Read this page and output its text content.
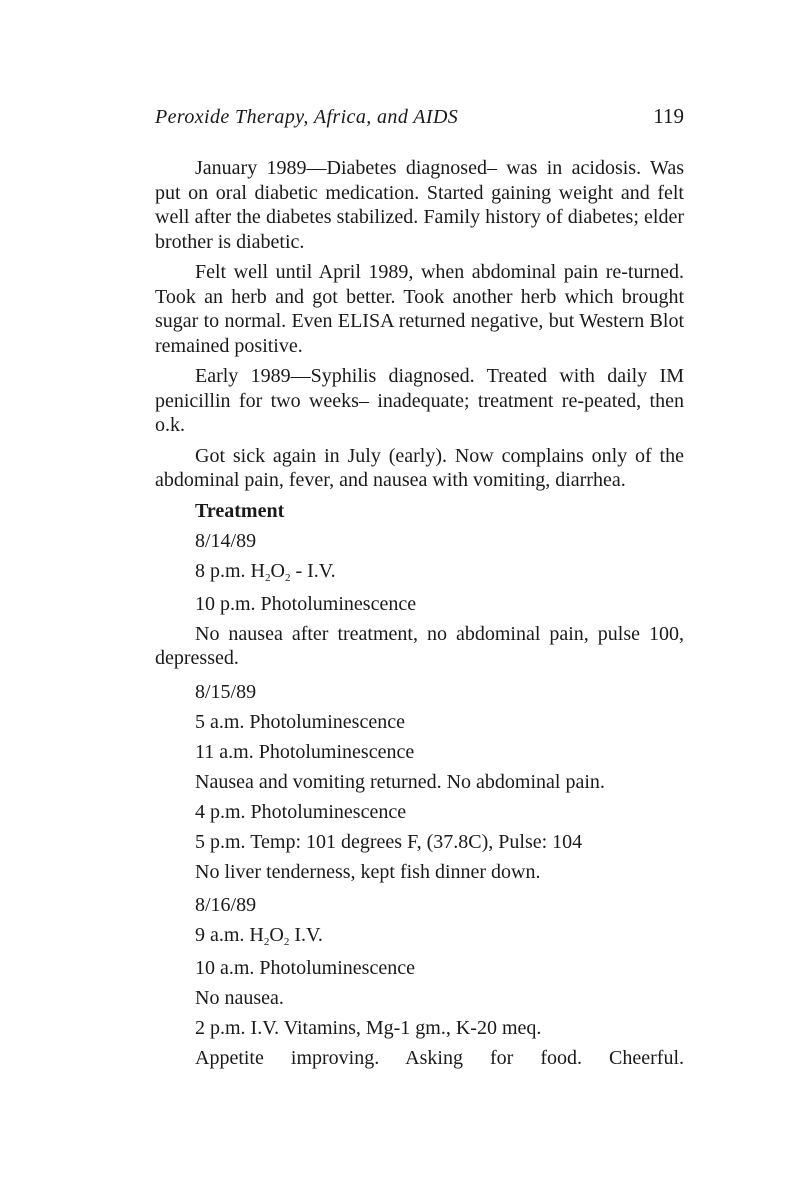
Peroxide Therapy, Africa, and AIDS	119

January 1989—Diabetes diagnosed– was in acidosis. Was put on oral diabetic medication. Started gaining weight and felt well after the diabetes stabilized. Family history of diabetes; elder brother is diabetic.

Felt well until April 1989, when abdominal pain re-turned. Took an herb and got better. Took another herb which brought sugar to normal. Even ELISA returned negative, but Western Blot remained positive.

Early 1989—Syphilis diagnosed. Treated with daily IM penicillin for two weeks– inadequate; treatment re-peated, then o.k.

Got sick again in July (early). Now complains only of the abdominal pain, fever, and nausea with vomiting, diarrhea.

Treatment
8/14/89
8 p.m. $H_2O_2 - I.V$.
10 p.m. Photoluminescence
No nausea after treatment, no abdominal pain, pulse 100, depressed.
8/15/89
5 a.m. Photoluminescence
11 a.m. Photoluminescence
Nausea and vomiting returned. No abdominal pain.
4 p.m. Photoluminescence
5 p.m. Temp: 101 degrees F, (37.8C), Pulse: 104
No liver tenderness, kept fish dinner down.
8/16/89
9 a.m. $H_2O_2$ I.V.
10 a.m. Photoluminescence
No nausea.
2 p.m. I.V. Vitamins, Mg-1 gm., K-20 meq.
Appetite improving. Asking for food. Cheerful.
